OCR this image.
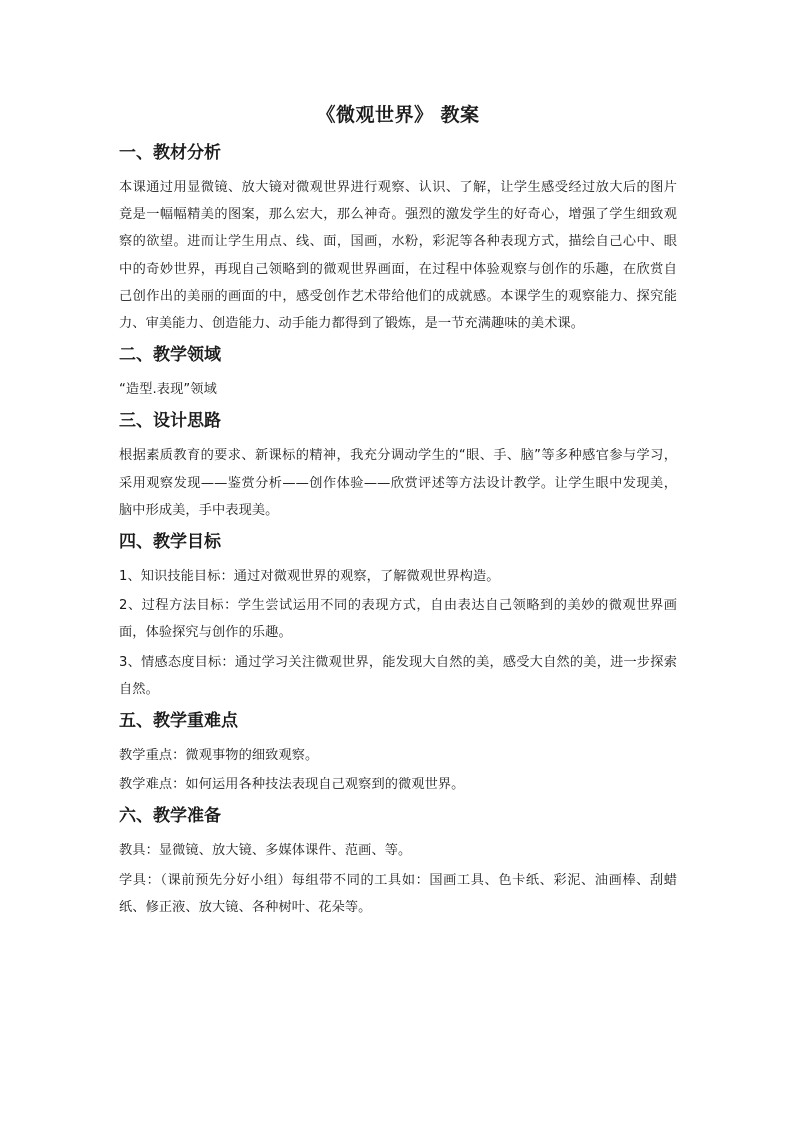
《微观世界》 教案
一、教材分析
本课通过用显微镜、放大镜对微观世界进行观察、认识、了解，让学生感受经过放大后的图片竟是一幅幅精美的图案，那么宏大，那么神奇。强烈的激发学生的好奇心，增强了学生细致观察的欲望。进而让学生用点、线、面，国画，水粉，彩泥等各种表现方式，描绘自己心中、眼中的奇妙世界，再现自己领略到的微观世界画面，在过程中体验观察与创作的乐趣，在欣赏自己创作出的美丽的画面的中，感受创作艺术带给他们的成就感。本课学生的观察能力、探究能力、审美能力、创造能力、动手能力都得到了锻炼，是一节充满趣味的美术课。
二、教学领域
“造型.表现”领域
三、设计思路
根据素质教育的要求、新课标的精神，我充分调动学生的“眼、手、脑”等多种感官参与学习，采用观察发现——鉴赏分析——创作体验——欣赏评述等方法设计教学。让学生眼中发现美，脑中形成美，手中表现美。
四、教学目标
1、知识技能目标：通过对微观世界的观察，了解微观世界构造。
2、过程方法目标：学生尝试运用不同的表现方式，自由表达自己领略到的美妙的微观世界画面，体验探究与创作的乐趣。
3、情感态度目标：通过学习关注微观世界，能发现大自然的美，感受大自然的美，进一步探索自然。
五、教学重难点
教学重点：微观事物的细致观察。
教学难点：如何运用各种技法表现自己观察到的微观世界。
六、教学准备
教具：显微镜、放大镜、多媒体课件、范画、等。
学具：（课前预先分好小组）每组带不同的工具如：国画工具、色卡纸、彩泥、油画棒、刮蜡纸、修正液、放大镜、各种树叶、花朵等。
